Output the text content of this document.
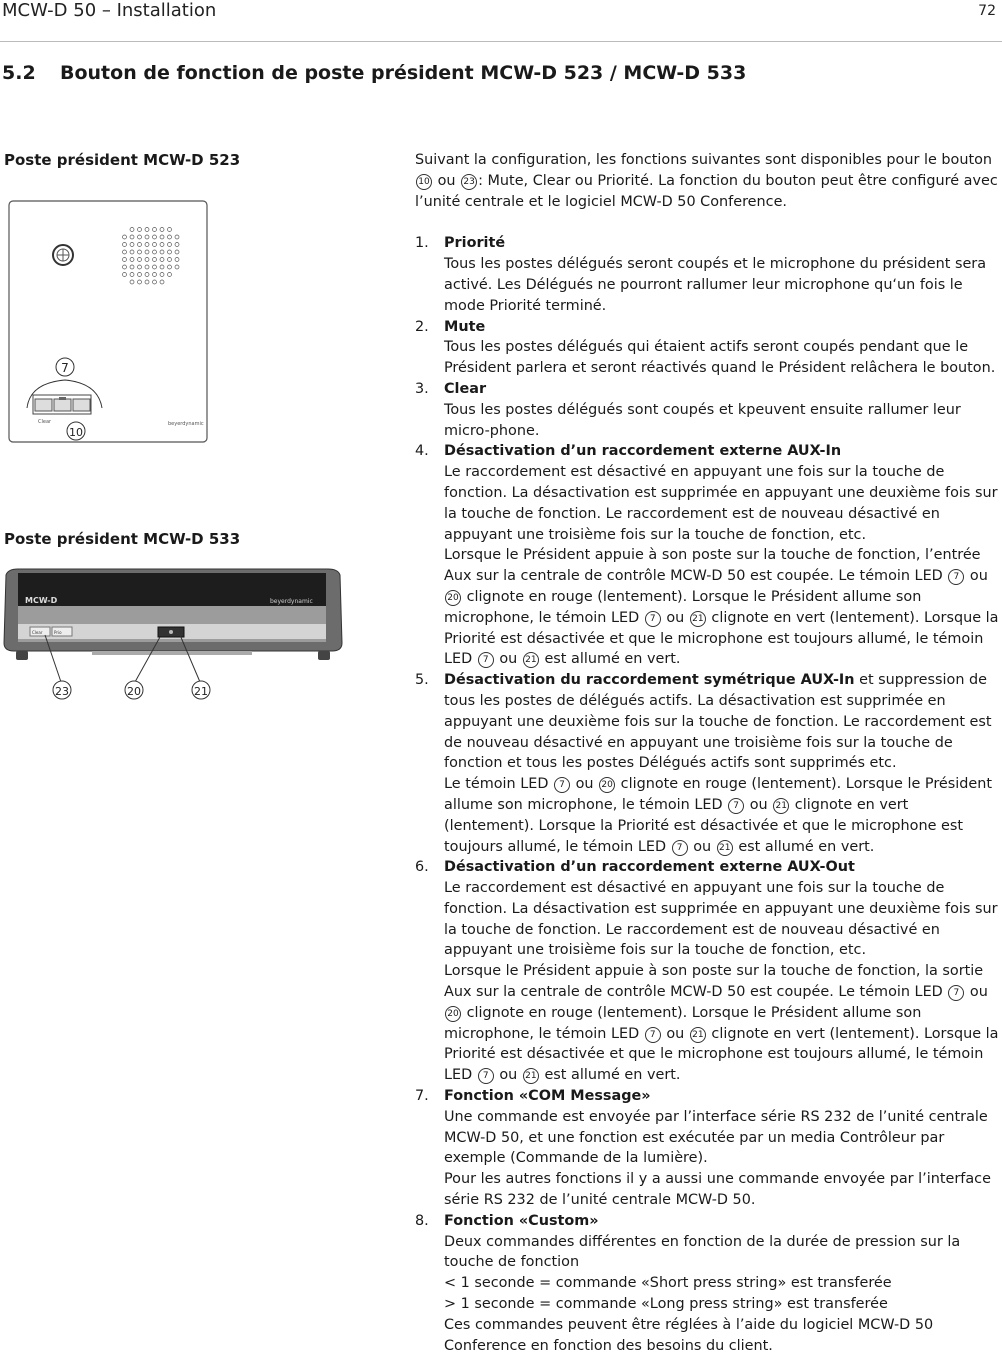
MCW-D 50 – Installation	72
5.2 Bouton de fonction de poste président MCW-D 523 / MCW-D 533
Poste président MCW-D 523
7
Clear
10
beyerdynamic
Poste président MCW-D 533
MCW-D	beyerdynamic
Clear	Prio
23	20	21

Suivant la configuration, les fonctions suivantes sont disponibles pour le bouton 10 ou 23 : Mute, Clear ou Priorité. La fonction du bouton peut être configuré avec l’unité centrale et le logiciel MCW-D 50 Conference.

1. Priorité
Tous les postes délégués seront coupés et le microphone du président sera activé. Les Délégués ne pourront rallumer leur microphone qu‘un fois le mode Priorité terminé.
2. Mute
Tous les postes délégués qui étaient actifs seront coupés pendant que le Président parlera et seront réactivés quand le Président relâchera le bouton.
3. Clear
Tous les postes délégués sont coupés et kpeuvent ensuite rallumer leur micro-phone.
4. Désactivation d’un raccordement externe AUX-In
Le raccordement est désactivé en appuyant une fois sur la touche de fonction. La désactivation est supprimée en appuyant une deuxième fois sur la touche de fonction. Le raccordement est de nouveau désactivé en appuyant une troisième fois sur la touche de fonction, etc.
Lorsque le Président appuie à son poste sur la touche de fonction, l’entrée Aux sur la centrale de contrôle MCW-D 50 est coupée. Le témoin LED 7 ou 20 clignote en rouge (lentement). Lorsque le Président allume son microphone, le témoin LED 7 ou 21 clignote en vert (lentement). Lorsque la Priorité est désactivée et que le microphone est toujours allumé, le témoin LED 7 ou 21 est allumé en vert.
5. Désactivation du raccordement symétrique AUX-In et suppression de tous les postes de délégués actifs. La désactivation est supprimée en appuyant une deuxième fois sur la touche de fonction. Le raccordement est de nouveau désactivé en appuyant une troisième fois sur la touche de fonction et tous les postes Délégués actifs sont supprimés etc.
Le témoin LED 7 ou 20 clignote en rouge (lentement). Lorsque le Président allume son microphone, le témoin LED 7 ou 21 clignote en vert (lentement). Lorsque la Priorité est désactivée et que le microphone est toujours allumé, le témoin LED 7 ou 21 est allumé en vert.
6. Désactivation d’un raccordement externe AUX-Out
Le raccordement est désactivé en appuyant une fois sur la touche de fonction. La désactivation est supprimée en appuyant une deuxième fois sur la touche de fonction. Le raccordement est de nouveau désactivé en appuyant une troisième fois sur la touche de fonction, etc.
Lorsque le Président appuie à son poste sur la touche de fonction, la sortie Aux sur la centrale de contrôle MCW-D 50 est coupée. Le témoin LED 7 ou 20 clignote en rouge (lentement). Lorsque le Président allume son microphone, le témoin LED 7 ou 21 clignote en vert (lentement). Lorsque la Priorité est désactivée et que le microphone est toujours allumé, le témoin LED 7 ou 21 est allumé en vert.
7. Fonction «COM Message»
Une commande est envoyée par l’interface série RS 232 de l’unité centrale MCW-D 50, et une fonction est exécutée par un media Contrôleur par exemple (Commande de la lumière).
Pour les autres fonctions il y a aussi une commande envoyée par l’interface série RS 232 de l’unité centrale MCW-D 50.
8. Fonction «Custom»
Deux commandes différentes en fonction de la durée de pression sur la touche de fonction
< 1 seconde = commande «Short press string» est transferée
> 1 seconde = commande «Long press string» est transferée
Ces commandes peuvent être réglées à l’aide du logiciel MCW-D 50 Conference en fonction des besoins du client.
